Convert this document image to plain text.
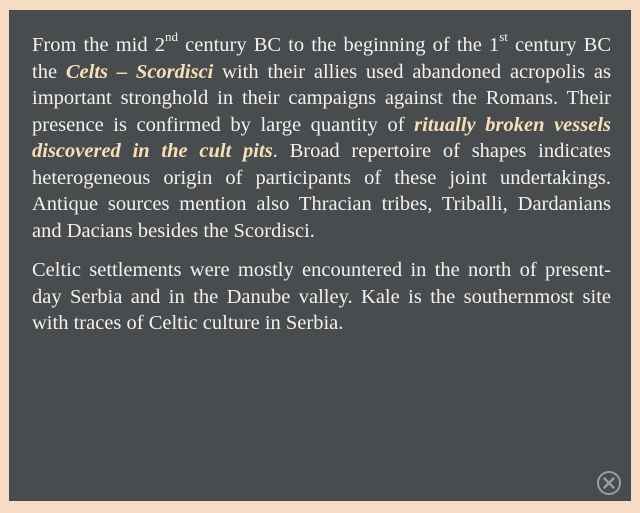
From the mid 2nd century BC to the beginning of the 1st century BC the Celts – Scordisci with their allies used abandoned acropolis as important stronghold in their campaigns against the Romans. Their presence is confirmed by large quantity of ritually broken vessels discovered in the cult pits. Broad repertoire of shapes indicates heterogeneous origin of participants of these joint undertakings. Antique sources mention also Thracian tribes, Triballi, Dardanians and Dacians besides the Scordisci.

Celtic settlements were mostly encountered in the north of present-day Serbia and in the Danube valley. Kale is the southernmost site with traces of Celtic culture in Serbia.
